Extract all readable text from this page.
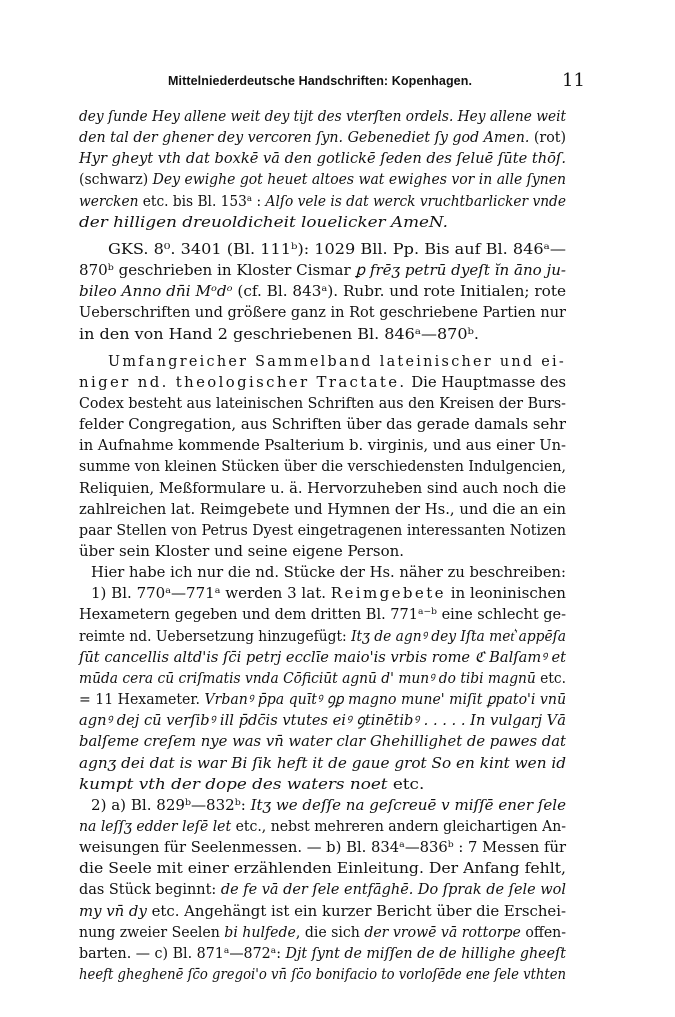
Mittelniederdeutsche Handschriften: Kopenhagen.	11
dey ſunde Hey allene weit dey tijt des vterſten ordels. Hey allene weit
den tal der ghener dey vercoren ſyn. Gebenediet ſy god Amen. (rot)
Hyr gheyt vth dat boxkē vā den gotlickē ſeden des ſeluē ſūte thōſ.
(schwarz) Dey ewighe got heuet altoes wat ewighes vor in alle ſynen
wercken etc. bis Bl. 153ᵃ : Alſo vele is dat werck vruchtbarlicker vnde
der hilligen dreuoldicheit louelicker AmeN.
GKS. 8⁰. 3401 (Bl. 111ᵇ): 1029 Bll. Pp. Bis auf Bl. 846ᵃ—
870ᵇ geschrieben in Kloster Cismar ꝑ frēʒ petrū dyeſt ĭn āno ju-
bileo Anno dn̄i Mᵒdᵒ (cf. Bl. 843ᵃ). Rubr. und rote Initialen; rote
Ueberschriften und größere ganz in Rot geschriebene Partien nur
in den von Hand 2 geschriebenen Bl. 846ᵃ—870ᵇ.
Umfangreicher Sammelband lateinischer und ei-
niger nd. theologischer Tractate. Die Hauptmasse des
Codex besteht aus lateinischen Schriften aus den Kreisen der Burs-
felder Congregation, aus Schriften über das gerade damals sehr
in Aufnahme kommende Psalterium b. virginis, und aus einer Un-
summe von kleinen Stücken über die verschiedensten Indulgencien,
Reliquien, Meßformulare u. ä. Hervorzuheben sind auch noch die
zahlreichen lat. Reimgebete und Hymnen der Hs., und die an ein
paar Stellen von Petrus Dyest eingetragenen interessanten Notizen
über sein Kloster und seine eigene Person.
Hier habe ich nur die nd. Stücke der Hs. näher zu beschreiben:
1) Bl. 770ᵃ—771ᵃ werden 3 lat. Reimgebete in leoninischen
Hexametern gegeben und dem dritten Bl. 771ᵃ⁻ᵇ eine schlecht ge-
reimte nd. Uebersetzung hinzugefügt: Itʒ de agnꝰ dey Iſta met͛ appēſa
ſūt cancellis altd'is ſc̄i petrj ecclīe maio'is vrbis rome ℭ Balſamꝰ et
mūda cera cū criſmatis vnda Cōficiūt agnū d' munꝰ do tibi magnū etc.
= 11 Hexameter. Vrbanꝰ p̄pa quītꝰ ꝯꝑ magno mune' miſit ꝑpato'i vnū
agnꝰ dej cū verſibꝰ ill p̄dc̄is vtutes eiꝰ ꝯtinētibꝰ . . . . . In vulgarj Vā
balſeme creſem nye was vn̄ water clar Ghehillighet de pawes dat
agnʒ dei dat is war Bi ſik heft it de gaue grot So en kint wen id
kumpt vth der dope des waters noet etc.
2) a) Bl. 829ᵇ—832ᵇ: Itʒ we deſſe na geſcreuē v miſſē ener ſele
na leſſʒ edder leſē let etc., nebst mehreren andern gleichartigen An-
weisungen für Seelenmessen. — b) Bl. 834ᵃ—836ᵇ : 7 Messen für
die Seele mit einer erzählenden Einleitung. Der Anfang fehlt,
das Stück beginnt: de fe vā der ſele entfāghē. Do ſprak de ſele wol
my vn̄ dy etc. Angehängt ist ein kurzer Bericht über die Erschei-
nung zweier Seelen bi hulfede, die sich der vrowē vā rottorpe offen-
barten. — c) Bl. 871ᵃ—872ᵃ: Djt ſynt de miſſen de de hillighe gheeſt
heeft gheghenē ſc̄o gregoi'o vn̄ ſc̄o bonifacio to vorloſēde ene ſele vthten
